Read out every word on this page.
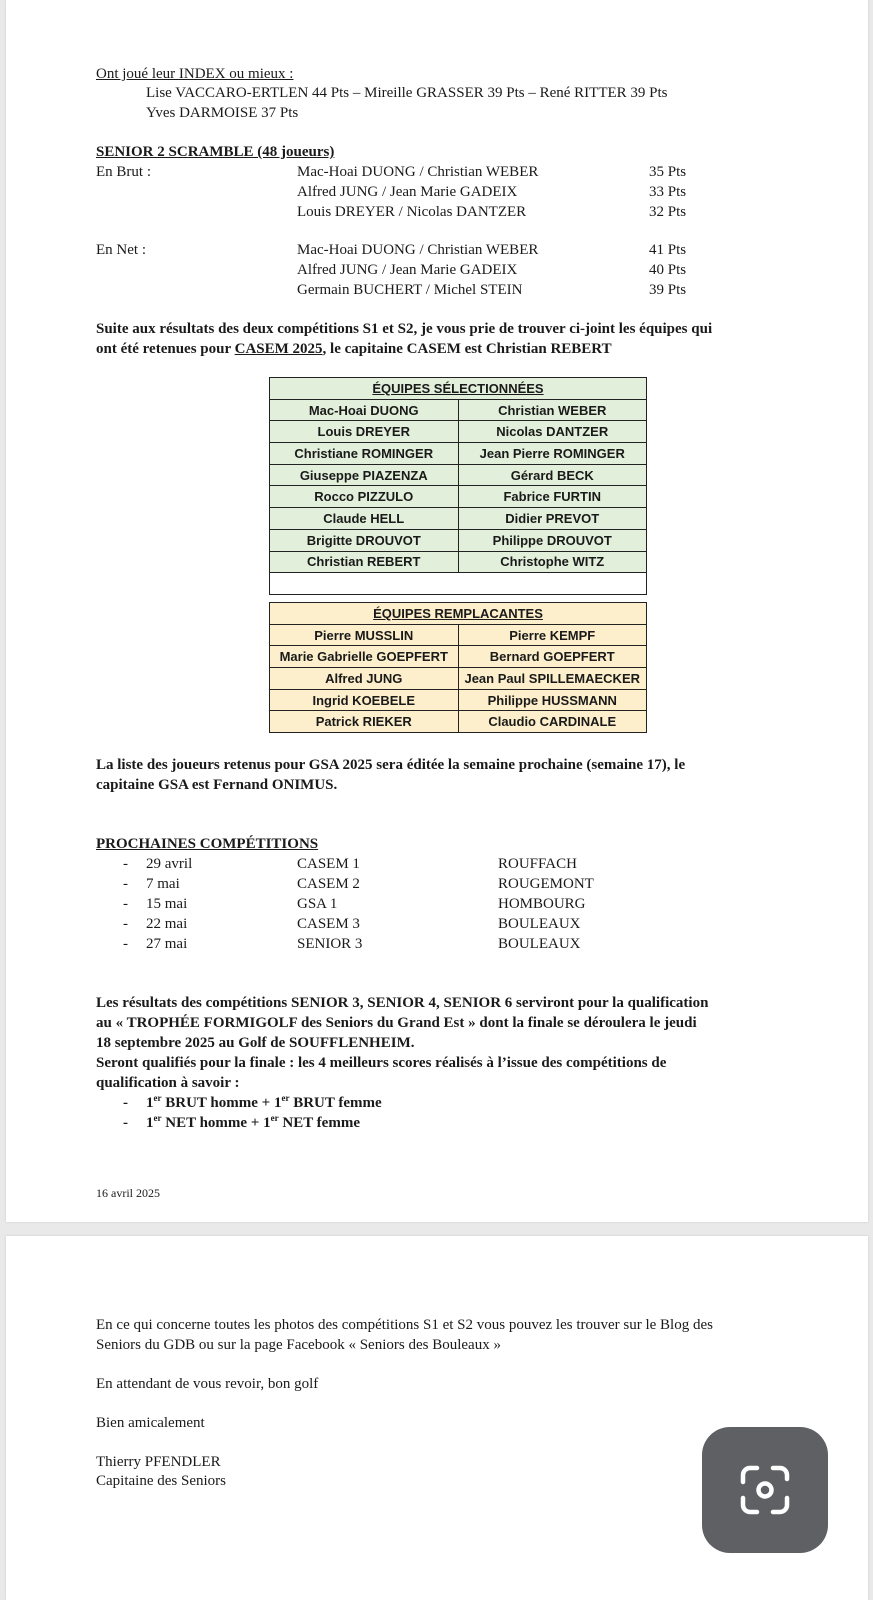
Ont joué leur INDEX ou mieux :
Lise VACCARO-ERTLEN 44 Pts – Mireille GRASSER 39 Pts – René RITTER 39 Pts
Yves DARMOISE 37 Pts
SENIOR 2 SCRAMBLE (48 joueurs)
En Brut :	Mac-Hoai DUONG / Christian WEBER	35 Pts
Alfred JUNG / Jean Marie GADEIX	33 Pts
Louis DREYER / Nicolas DANTZER	32 Pts
En Net :	Mac-Hoai DUONG / Christian WEBER	41 Pts
Alfred JUNG / Jean Marie GADEIX	40 Pts
Germain BUCHERT / Michel STEIN	39 Pts
Suite aux résultats des deux compétitions S1 et S2, je vous prie de trouver ci-joint les équipes qui
ont été retenues pour CASEM 2025, le capitaine CASEM est Christian REBERT
ÉQUIPES SÉLECTIONNÉES	
Mac-Hoai DUONG	Christian WEBER
Louis DREYER	Nicolas DANTZER
Christiane ROMINGER	Jean Pierre ROMINGER
Giuseppe PIAZENZA	Gérard BECK
Rocco PIZZULO	Fabrice FURTIN
Claude HELL	Didier PREVOT
Brigitte DROUVOT	Philippe DROUVOT
Christian REBERT	Christophe WITZ

ÉQUIPES REMPLACANTES	
Pierre MUSSLIN	Pierre KEMPF
Marie Gabrielle GOEPFERT	Bernard GOEPFERT
Alfred JUNG	Jean Paul SPILLEMAECKER
Ingrid KOEBELE	Philippe HUSSMANN
Patrick RIEKER	Claudio CARDINALE
La liste des joueurs retenus pour GSA 2025 sera éditée la semaine prochaine (semaine 17), le
capitaine GSA est Fernand ONIMUS.
PROCHAINES COMPÉTITIONS
- 29 avril	CASEM 1	ROUFFACH
- 7 mai	CASEM 2	ROUGEMONT
- 15 mai	GSA 1	HOMBOURG
- 22 mai	CASEM 3	BOULEAUX
- 27 mai	SENIOR 3	BOULEAUX
Les résultats des compétitions SENIOR 3, SENIOR 4, SENIOR 6 serviront pour la qualification
au « TROPHÉE FORMIGOLF des Seniors du Grand Est » dont la finale se déroulera le jeudi
18 septembre 2025 au Golf de SOUFFLENHEIM.
Seront qualifiés pour la finale : les 4 meilleurs scores réalisés à l’issue des compétitions de
qualification à savoir :
- 1er BRUT homme + 1er BRUT femme
- 1er NET homme + 1er NET femme
16 avril 2025
En ce qui concerne toutes les photos des compétitions S1 et S2 vous pouvez les trouver sur le Blog des
Seniors du GDB ou sur la page Facebook « Seniors des Bouleaux »
En attendant de vous revoir, bon golf
Bien amicalement
Thierry PFENDLER
Capitaine des Seniors
